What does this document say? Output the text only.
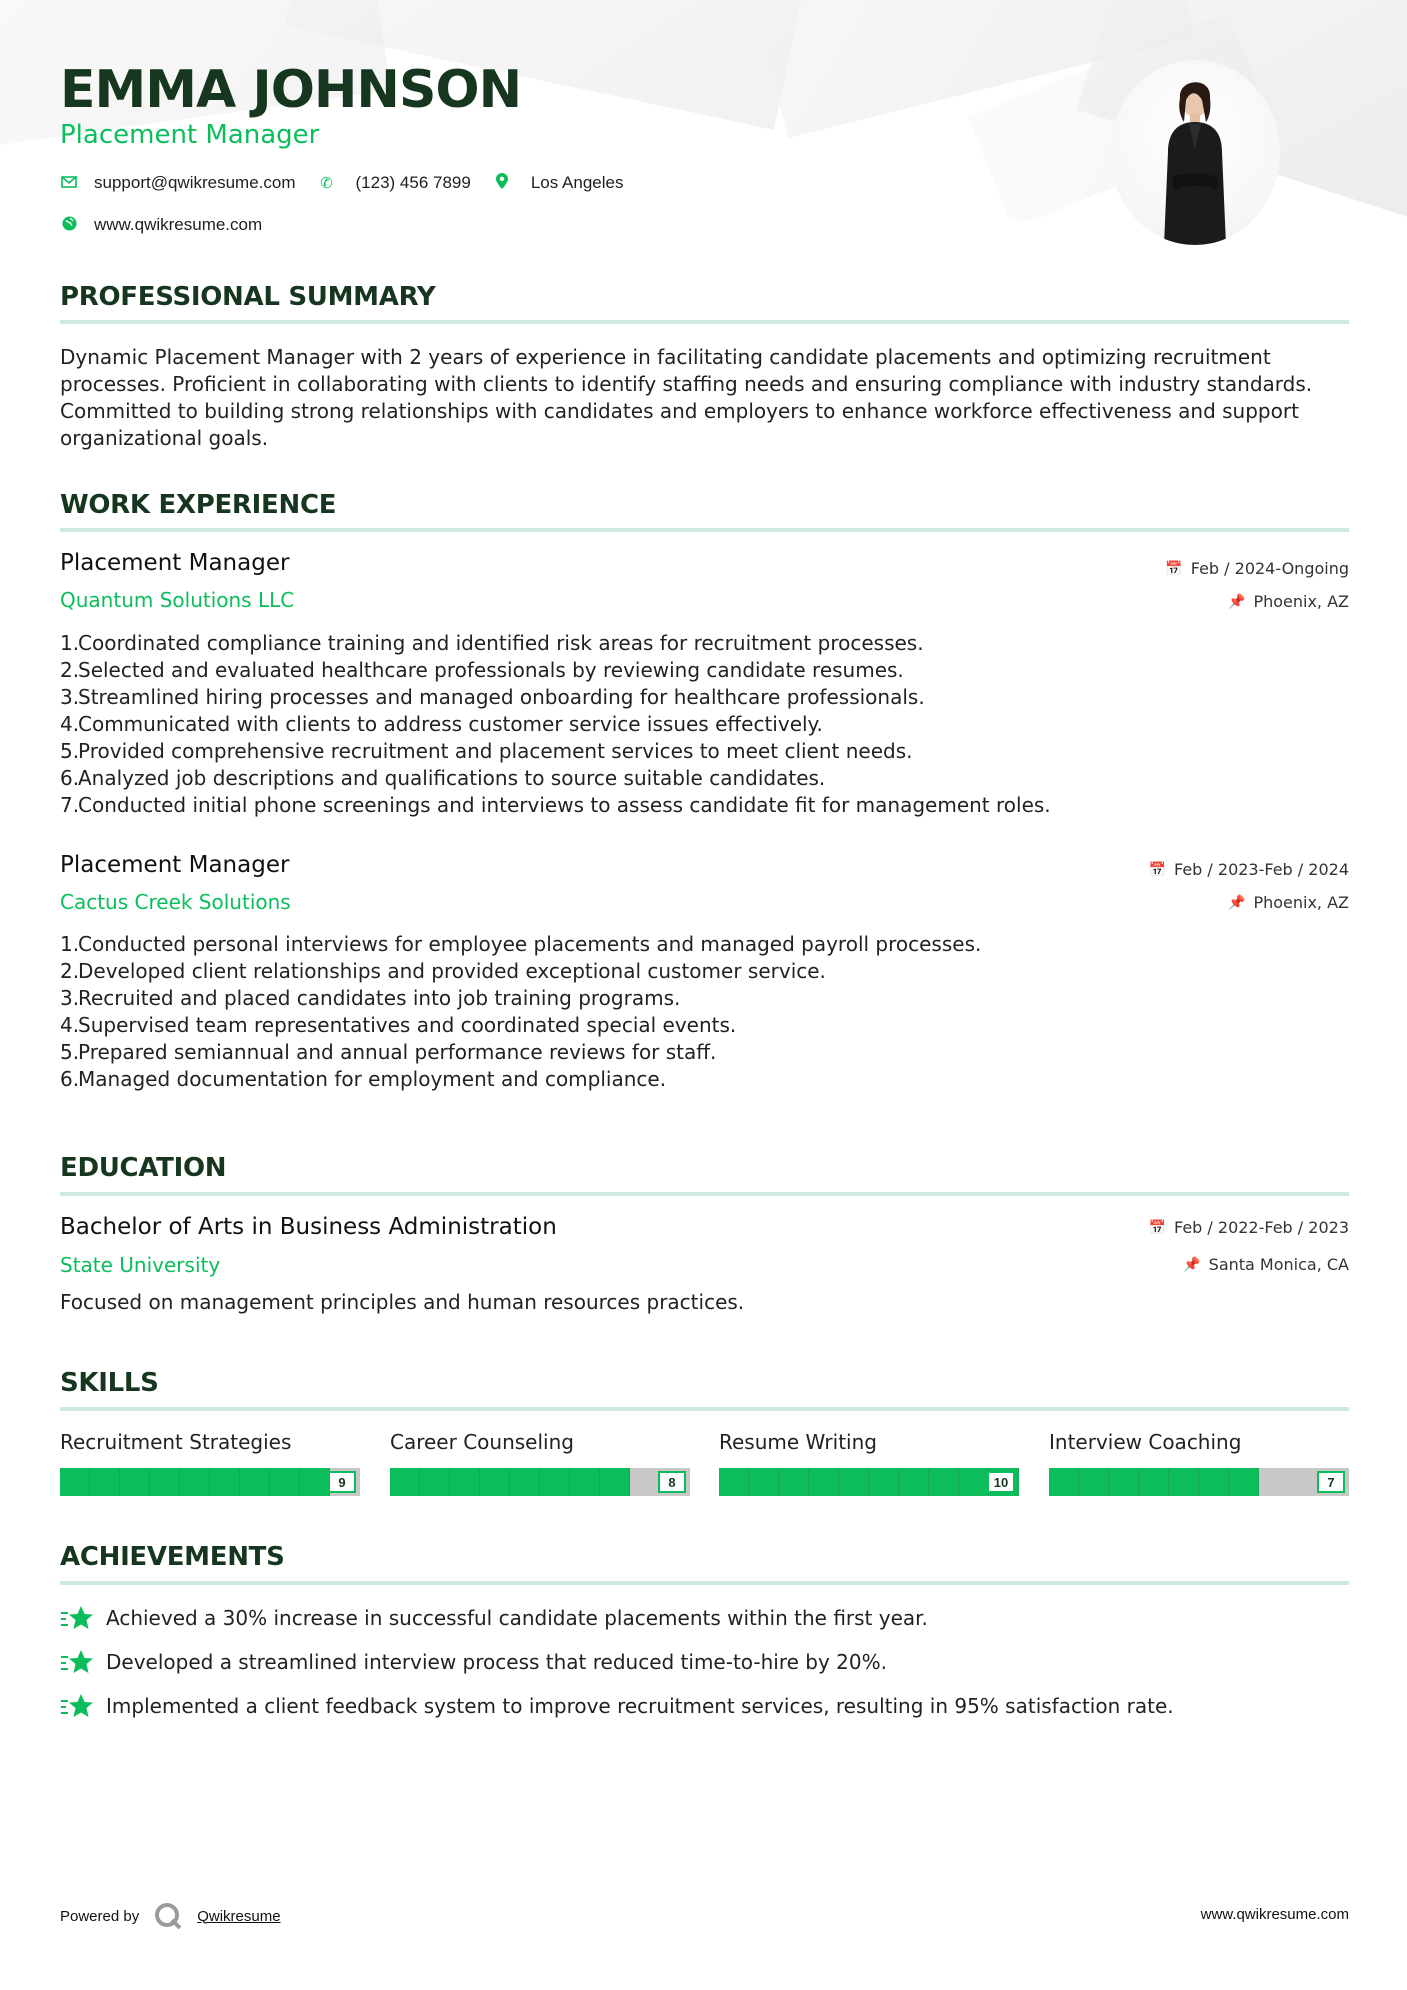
EMMA JOHNSON
Placement Manager
support@qwikresume.com ✆ (123) 456 7899	Los Angeles
www.qwikresume.com
PROFESSIONAL SUMMARY
Dynamic Placement Manager with 2 years of experience in facilitating candidate placements and optimizing recruitment processes. Proficient in collaborating with clients to identify staffing needs and ensuring compliance with industry standards. Committed to building strong relationships with candidates and employers to enhance workforce effectiveness and support organizational goals.
WORK EXPERIENCE
Placement Manager
Quantum Solutions LLC
📅 Feb / 2024-Ongoing
📌 Phoenix, AZ
1.
Coordinated compliance training and identified risk areas for recruitment processes.
2.
Selected and evaluated healthcare professionals by reviewing candidate resumes.
3.
Streamlined hiring processes and managed onboarding for healthcare professionals.
4.
Communicated with clients to address customer service issues effectively.
5.
Provided comprehensive recruitment and placement services to meet client needs.
6.
Analyzed job descriptions and qualifications to source suitable candidates.
7.
Conducted initial phone screenings and interviews to assess candidate fit for management roles.
Placement Manager
Cactus Creek Solutions
📅 Feb / 2023-Feb / 2024
📌 Phoenix, AZ
1.
Conducted personal interviews for employee placements and managed payroll processes.
2.
Developed client relationships and provided exceptional customer service.
3.
Recruited and placed candidates into job training programs.
4.
Supervised team representatives and coordinated special events.
5.
Prepared semiannual and annual performance reviews for staff.
6.
Managed documentation for employment and compliance.
EDUCATION
Bachelor of Arts in Business Administration
State University
📅 Feb / 2022-Feb / 2023
📌 Santa Monica, CA
Focused on management principles and human resources practices.
SKILLS
Recruitment Strategies
9
Career Counseling
8
Resume Writing
10
Interview Coaching
7
ACHIEVEMENTS
Achieved a 30% increase in successful candidate placements within the first year.
Developed a streamlined interview process that reduced time-to-hire by 20%.
Implemented a client feedback system to improve recruitment services, resulting in 95% satisfaction rate.
Powered by	Qwikresume	www.qwikresume.com
